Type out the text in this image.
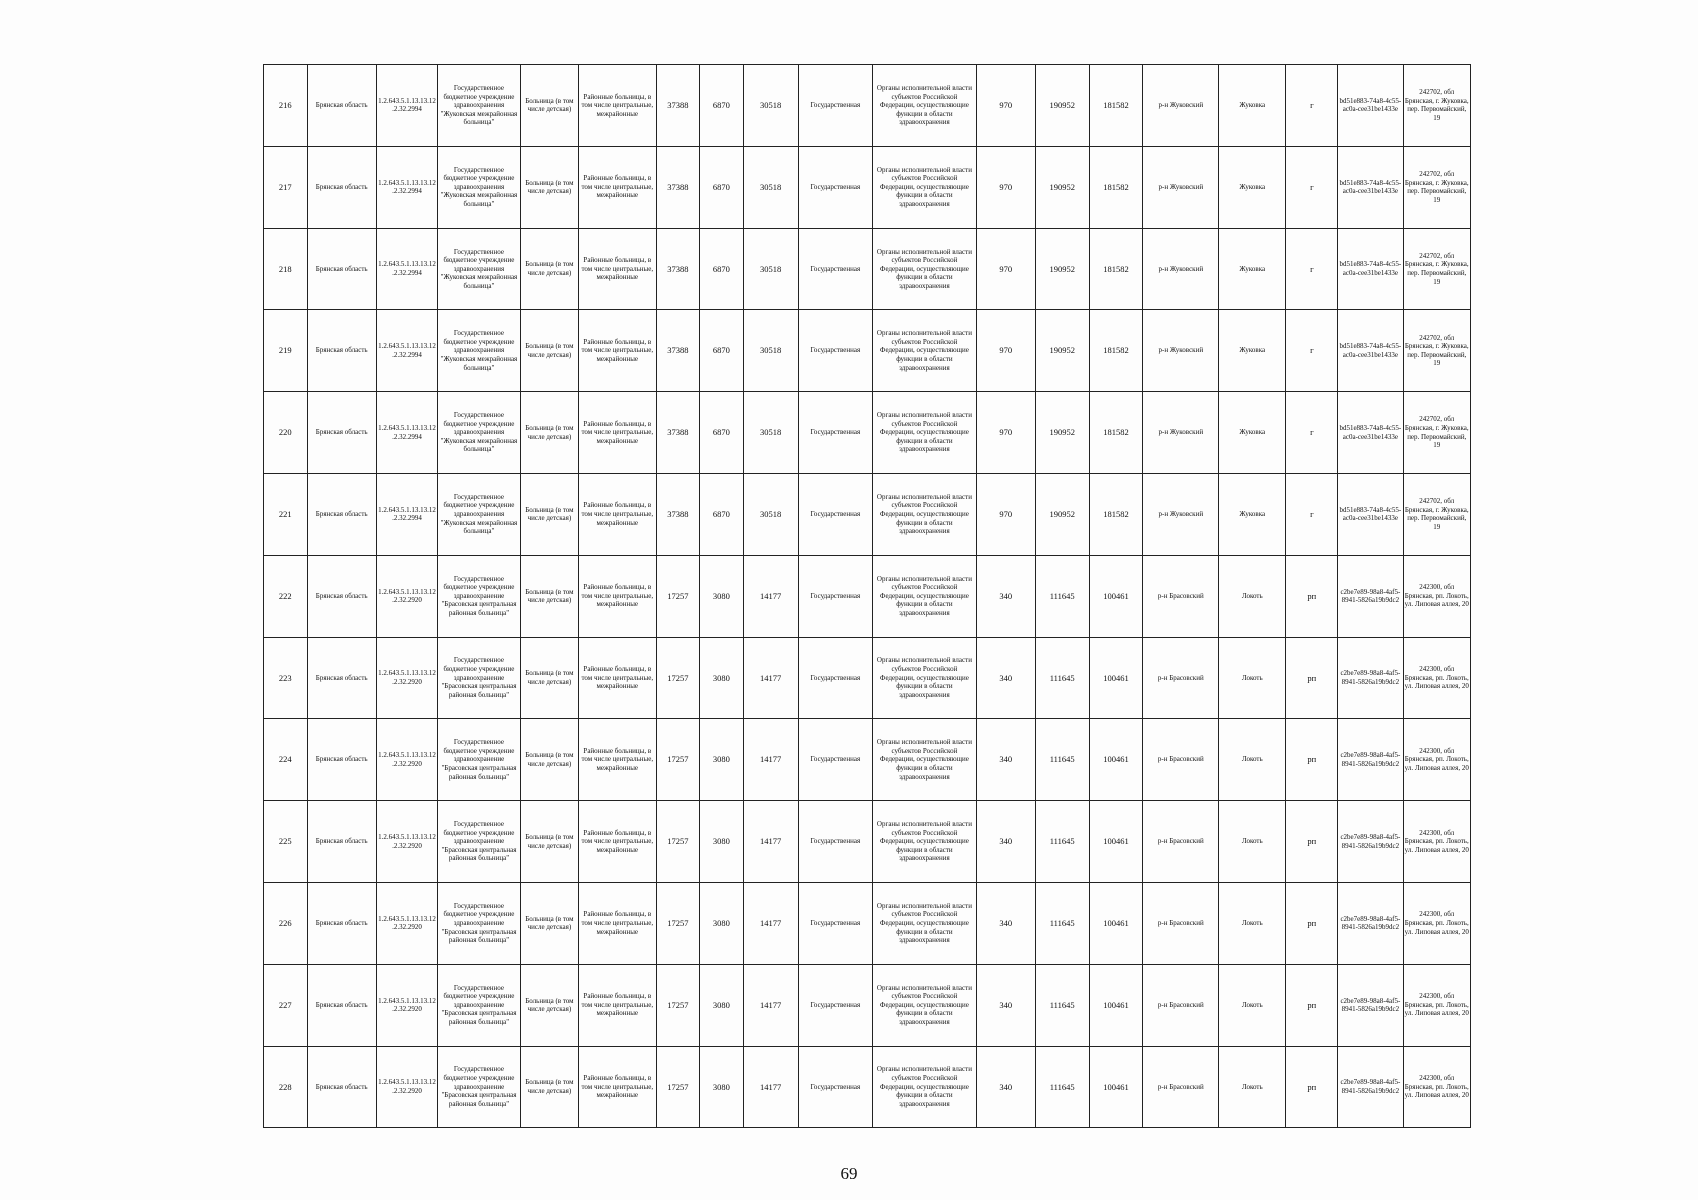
216	Брянская область	1.2.643.5.1.13.13.12.2.32.2994	Государственное бюджетное учреждение здравоохранения "Жуковская межрайонная больница"	Больница (в том числе детская)	Районные больницы, в том числе центральные, межрайонные	37388	6870	30518	Государственная	Органы исполнительной власти субъектов Российской Федерации, осуществляющие функции в области здравоохранения	970	190952	181582	р-н Жуковский	Жуковка	г	bd51e883-74a8-4c55-ac0a-cee31be1433e	242702, обл Брянская, г. Жуковка, пер. Первомайский, 19
217	Брянская область	1.2.643.5.1.13.13.12.2.32.2994	Государственное бюджетное учреждение здравоохранения "Жуковская межрайонная больница"	Больница (в том числе детская)	Районные больницы, в том числе центральные, межрайонные	37388	6870	30518	Государственная	Органы исполнительной власти субъектов Российской Федерации, осуществляющие функции в области здравоохранения	970	190952	181582	р-н Жуковский	Жуковка	г	bd51e883-74a8-4c55-ac0a-cee31be1433e	242702, обл Брянская, г. Жуковка, пер. Первомайский, 19
218	Брянская область	1.2.643.5.1.13.13.12.2.32.2994	Государственное бюджетное учреждение здравоохранения "Жуковская межрайонная больница"	Больница (в том числе детская)	Районные больницы, в том числе центральные, межрайонные	37388	6870	30518	Государственная	Органы исполнительной власти субъектов Российской Федерации, осуществляющие функции в области здравоохранения	970	190952	181582	р-н Жуковский	Жуковка	г	bd51e883-74a8-4c55-ac0a-cee31be1433e	242702, обл Брянская, г. Жуковка, пер. Первомайский, 19
219	Брянская область	1.2.643.5.1.13.13.12.2.32.2994	Государственное бюджетное учреждение здравоохранения "Жуковская межрайонная больница"	Больница (в том числе детская)	Районные больницы, в том числе центральные, межрайонные	37388	6870	30518	Государственная	Органы исполнительной власти субъектов Российской Федерации, осуществляющие функции в области здравоохранения	970	190952	181582	р-н Жуковский	Жуковка	г	bd51e883-74a8-4c55-ac0a-cee31be1433e	242702, обл Брянская, г. Жуковка, пер. Первомайский, 19
220	Брянская область	1.2.643.5.1.13.13.12.2.32.2994	Государственное бюджетное учреждение здравоохранения "Жуковская межрайонная больница"	Больница (в том числе детская)	Районные больницы, в том числе центральные, межрайонные	37388	6870	30518	Государственная	Органы исполнительной власти субъектов Российской Федерации, осуществляющие функции в области здравоохранения	970	190952	181582	р-н Жуковский	Жуковка	г	bd51e883-74a8-4c55-ac0a-cee31be1433e	242702, обл Брянская, г. Жуковка, пер. Первомайский, 19
221	Брянская область	1.2.643.5.1.13.13.12.2.32.2994	Государственное бюджетное учреждение здравоохранения "Жуковская межрайонная больница"	Больница (в том числе детская)	Районные больницы, в том числе центральные, межрайонные	37388	6870	30518	Государственная	Органы исполнительной власти субъектов Российской Федерации, осуществляющие функции в области здравоохранения	970	190952	181582	р-н Жуковский	Жуковка	г	bd51e883-74a8-4c55-ac0a-cee31be1433e	242702, обл Брянская, г. Жуковка, пер. Первомайский, 19
222	Брянская область	1.2.643.5.1.13.13.12.2.32.2920	Государственное бюджетное учреждение здравоохранение "Брасовская центральная районная больница"	Больница (в том числе детская)	Районные больницы, в том числе центральные, межрайонные	17257	3080	14177	Государственная	Органы исполнительной власти субъектов Российской Федерации, осуществляющие функции в области здравоохранения	340	111645	100461	р-н Брасовский	Локоть	рп	c2be7e89-98a8-4af5-8941-5826a19b9dc2	242300, обл Брянская, рп. Локоть, ул. Липовая аллея, 20
223	Брянская область	1.2.643.5.1.13.13.12.2.32.2920	Государственное бюджетное учреждение здравоохранение "Брасовская центральная районная больница"	Больница (в том числе детская)	Районные больницы, в том числе центральные, межрайонные	17257	3080	14177	Государственная	Органы исполнительной власти субъектов Российской Федерации, осуществляющие функции в области здравоохранения	340	111645	100461	р-н Брасовский	Локоть	рп	c2be7e89-98a8-4af5-8941-5826a19b9dc2	242300, обл Брянская, рп. Локоть, ул. Липовая аллея, 20
224	Брянская область	1.2.643.5.1.13.13.12.2.32.2920	Государственное бюджетное учреждение здравоохранение "Брасовская центральная районная больница"	Больница (в том числе детская)	Районные больницы, в том числе центральные, межрайонные	17257	3080	14177	Государственная	Органы исполнительной власти субъектов Российской Федерации, осуществляющие функции в области здравоохранения	340	111645	100461	р-н Брасовский	Локоть	рп	c2be7e89-98a8-4af5-8941-5826a19b9dc2	242300, обл Брянская, рп. Локоть, ул. Липовая аллея, 20
225	Брянская область	1.2.643.5.1.13.13.12.2.32.2920	Государственное бюджетное учреждение здравоохранение "Брасовская центральная районная больница"	Больница (в том числе детская)	Районные больницы, в том числе центральные, межрайонные	17257	3080	14177	Государственная	Органы исполнительной власти субъектов Российской Федерации, осуществляющие функции в области здравоохранения	340	111645	100461	р-н Брасовский	Локоть	рп	c2be7e89-98a8-4af5-8941-5826a19b9dc2	242300, обл Брянская, рп. Локоть, ул. Липовая аллея, 20
226	Брянская область	1.2.643.5.1.13.13.12.2.32.2920	Государственное бюджетное учреждение здравоохранение "Брасовская центральная районная больница"	Больница (в том числе детская)	Районные больницы, в том числе центральные, межрайонные	17257	3080	14177	Государственная	Органы исполнительной власти субъектов Российской Федерации, осуществляющие функции в области здравоохранения	340	111645	100461	р-н Брасовский	Локоть	рп	c2be7e89-98a8-4af5-8941-5826a19b9dc2	242300, обл Брянская, рп. Локоть, ул. Липовая аллея, 20
227	Брянская область	1.2.643.5.1.13.13.12.2.32.2920	Государственное бюджетное учреждение здравоохранение "Брасовская центральная районная больница"	Больница (в том числе детская)	Районные больницы, в том числе центральные, межрайонные	17257	3080	14177	Государственная	Органы исполнительной власти субъектов Российской Федерации, осуществляющие функции в области здравоохранения	340	111645	100461	р-н Брасовский	Локоть	рп	c2be7e89-98a8-4af5-8941-5826a19b9dc2	242300, обл Брянская, рп. Локоть, ул. Липовая аллея, 20
228	Брянская область	1.2.643.5.1.13.13.12.2.32.2920	Государственное бюджетное учреждение здравоохранение "Брасовская центральная районная больница"	Больница (в том числе детская)	Районные больницы, в том числе центральные, межрайонные	17257	3080	14177	Государственная	Органы исполнительной власти субъектов Российской Федерации, осуществляющие функции в области здравоохранения	340	111645	100461	р-н Брасовский	Локоть	рп	c2be7e89-98a8-4af5-8941-5826a19b9dc2	242300, обл Брянская, рп. Локоть, ул. Липовая аллея, 20
69
